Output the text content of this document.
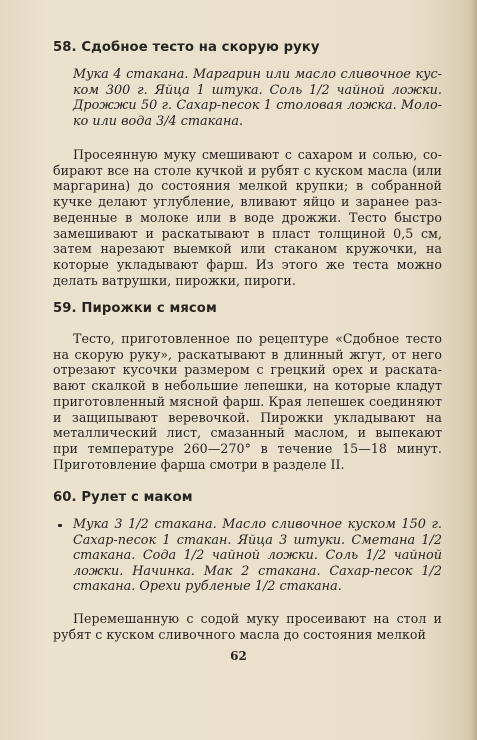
58. Сдобное тесто на скорую руку

Мука 4 стакана. Маргарин или масло сливочное куском 300 г. Яйца 1 штука. Соль 1/2 чайной ложки. Дрожжи 50 г. Сахар-песок 1 столовая ложка. Молоко или вода 3/4 стакана.

Просеянную муку смешивают с сахаром и солью, собирают все на столе кучкой и рубят с куском масла (или маргарина) до состояния мелкой крупки; в собранной кучке делают углубление, вливают яйцо и заранее разведенные в молоке или в воде дрожжи. Тесто быстро замешивают и раскатывают в пласт толщиной 0,5 см, затем нарезают выемкой или стаканом кружочки, на которые укладывают фарш. Из этого же теста можно делать ватрушки, пирожки, пироги.

59. Пирожки с мясом

Тесто, приготовленное по рецептуре «Сдобное тесто на скорую руку», раскатывают в длинный жгут, от него отрезают кусочки размером с грецкий орех и раскатавают скалкой в небольшие лепешки, на которые кладут приготовленный мясной фарш. Края лепешек соединяют и защипывают веревочкой. Пирожки укладывают на металлический лист, смазанный маслом, и выпекают при температуре 260—270° в течение 15—18 минут. Приготовление фарша смотри в разделе II.

60. Рулет с маком

Мука 3 1/2 стакана. Масло сливочное куском 150 г. Сахар-песок 1 стакан. Яйца 3 штуки. Сметана 1/2 стакана. Сода 1/2 чайной ложки. Соль 1/2 чайной ложки. Начинка. Мак 2 стакана. Сахар-песок 1/2 стакана. Орехи рубленые 1/2 стакана.

Перемешанную с содой муку просеивают на стол и рубят с куском сливочного масла до состояния мелкой

62
